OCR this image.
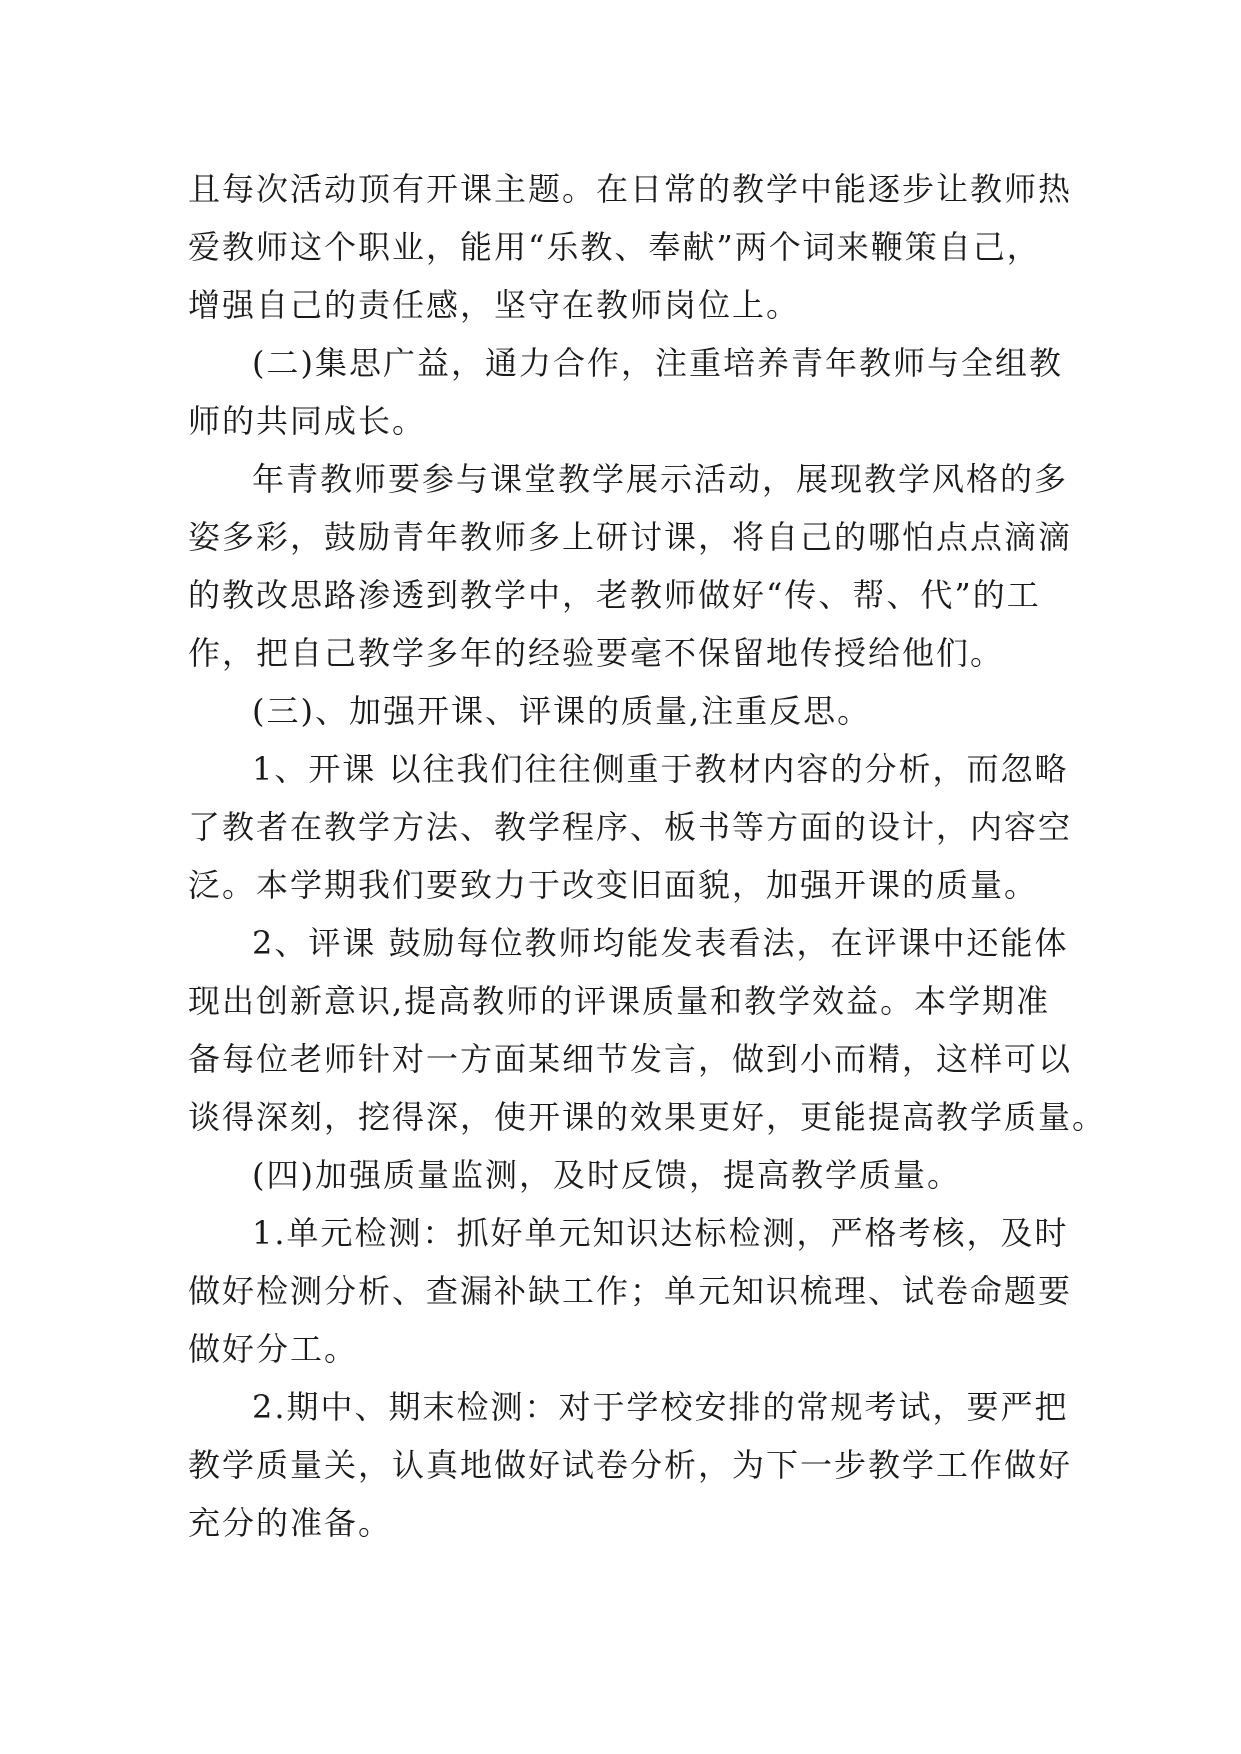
且每次活动顶有开课主题。在日常的教学中能逐步让教师热
爱教师这个职业，能用“乐教、奉献”两个词来鞭策自己，
增强自己的责任感，坚守在教师岗位上。
(二)集思广益，通力合作，注重培养青年教师与全组教
师的共同成长。
年青教师要参与课堂教学展示活动，展现教学风格的多
姿多彩，鼓励青年教师多上研讨课，将自己的哪怕点点滴滴
的教改思路渗透到教学中，老教师做好“传、帮、代”的工
作，把自己教学多年的经验要毫不保留地传授给他们。
(三)、加强开课、评课的质量,注重反思。
1、开课 以往我们往往侧重于教材内容的分析，而忽略
了教者在教学方法、教学程序、板书等方面的设计，内容空
泛。本学期我们要致力于改变旧面貌，加强开课的质量。
2、评课 鼓励每位教师均能发表看法，在评课中还能体
现出创新意识,提高教师的评课质量和教学效益。本学期准
备每位老师针对一方面某细节发言，做到小而精，这样可以
谈得深刻，挖得深，使开课的效果更好，更能提高教学质量。
(四)加强质量监测，及时反馈，提高教学质量。
1.单元检测：抓好单元知识达标检测，严格考核，及时
做好检测分析、查漏补缺工作；单元知识梳理、试卷命题要
做好分工。
2.期中、期末检测：对于学校安排的常规考试，要严把
教学质量关，认真地做好试卷分析，为下一步教学工作做好
充分的准备。
